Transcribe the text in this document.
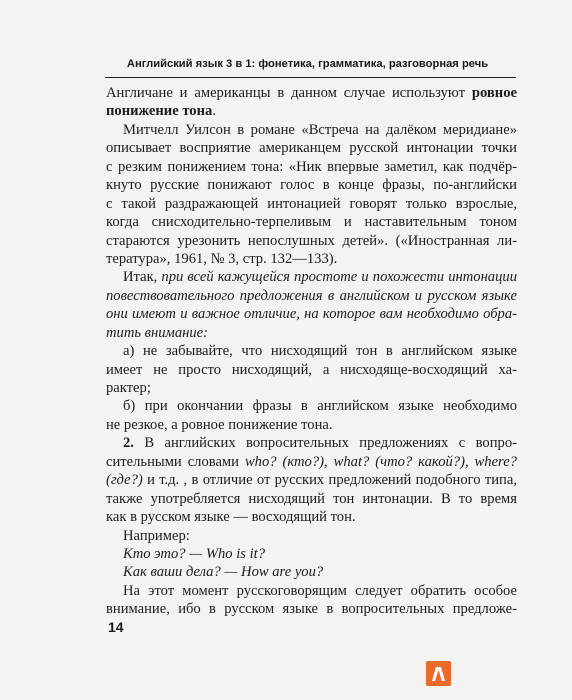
Английский язык 3 в 1: фонетика, грамматика, разговорная речь
Англичане и американцы в данном случае используют ровное
понижение тона.
Митчелл Уилсон в романе «Встреча на далёком меридиане»
описывает восприятие американцем русской интонации точки
с резким понижением тона: «Ник впервые заметил, как подчёр-
кнуто русские понижают голос в конце фразы, по-английски
с такой раздражающей интонацией говорят только взрослые,
когда снисходительно-терпеливым и наставительным тоном
стараются урезонить непослушных детей». («Иностранная ли-
тература», 1961, № 3, стр. 132—133).
Итак, при всей кажущейся простоте и похожести интонации
повествовательного предложения в английском и русском языке
они имеют и важное отличие, на которое вам необходимо обра-
тить внимание:
а) не забывайте, что нисходящий тон в английском языке
имеет не просто нисходящий, а нисходяще-восходящий ха-
рактер;
б) при окончании фразы в английском языке необходимо
не резкое, а ровное понижение тона.
2. В английских вопросительных предложениях с вопро-
сительными словами who? (кто?), what? (что? какой?), where?
(где?) и т.д. , в отличие от русских предложений подобного типа,
также употребляется нисходящий тон интонации. В то время
как в русском языке — восходящий тон.
Например:
Кто это? — Who is it?
Как ваши дела? — How are you?
На этот момент русскоговорящим следует обратить особое
внимание, ибо в русском языке в вопросительных предложе-
14
